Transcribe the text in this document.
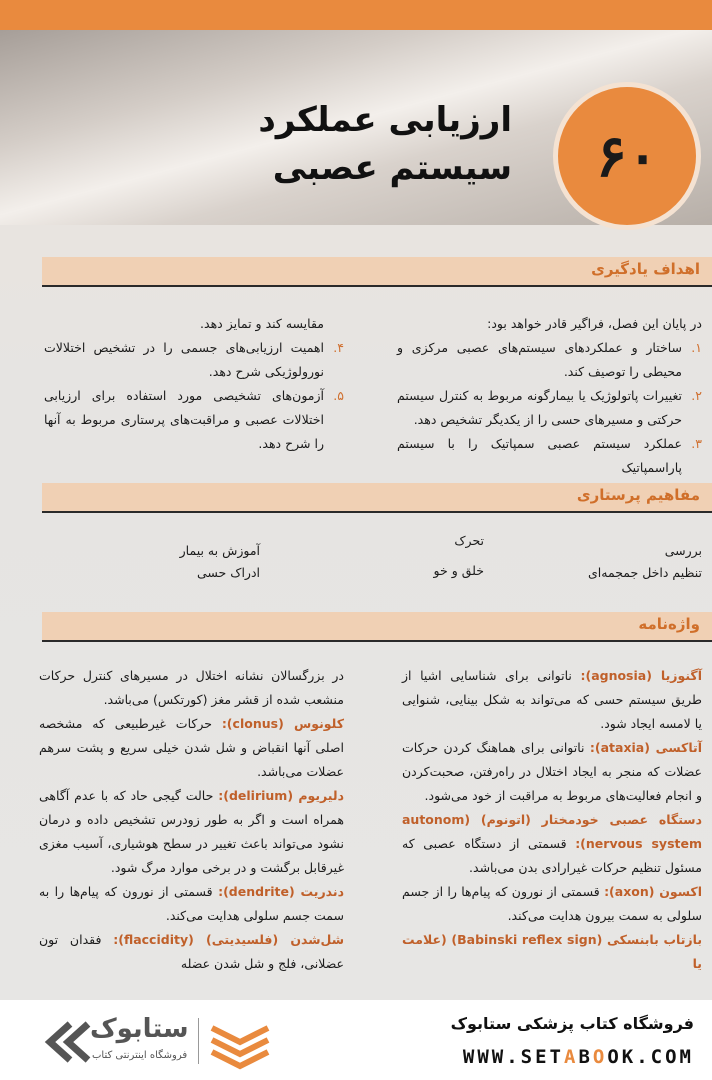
۶۰
ارزیابی عملکرد
سیستم عصبی
اهداف یادگیری

در پایان این فصل، فراگیر قادر خواهد بود:

۱.
ساختار و عملکردهای سیستم‌های عصبی مرکزی و محیطی را توصیف کند.
۲.
تغییرات پاتولوژیک یا بیمارگونه مربوط به کنترل سیستم حرکتی و مسیرهای حسی را از یکدیگر تشخیص دهد.
۳.
عملکرد سیستم عصبی سمپاتیک را با سیستم پاراسمپاتیک
مقایسه کند و تمایز دهد.
۴.
اهمیت ارزیابی‌های جسمی را در تشخیص اختلالات نورولوژیکی شرح دهد.
۵.
آزمون‌های تشخیصی مورد استفاده برای ارزیابی اختلالات عصبی و مراقبت‌های پرستاری مربوط به آنها را شرح دهد.
مفاهیم پرستاری
بررسی
تنظیم داخل جمجمه‌ای
تحرک
خلق و خو
آموزش به بیمار
ادراک حسی
واژه‌نامه

آگنوزیا (agnosia): ناتوانی برای شناسایی اشیا از طریق سیستم حسی که می‌تواند به شکل بینایی، شنوایی یا لامسه ایجاد شود.

آتاکسی (ataxia): ناتوانی برای هماهنگ کردن حرکات عضلات که منجر به ایجاد اختلال در راه‌رفتن، صحبت‌کردن و انجام فعالیت‌های مربوط به مراقبت از خود می‌شود.

دستگاه عصبی خودمختار (اتونوم) (autonom nervous system): قسمتی از دستگاه عصبی که مسئول تنظیم حرکات غیرارادی بدن می‌باشد.

اکسون (axon): قسمتی از نورون که پیام‌ها را از جسم سلولی به سمت بیرون هدایت می‌کند.

بازتاب بابنسکی (Babinski reflex sign) (علامت یا

در بزرگسالان نشانه اختلال در مسیرهای کنترل حرکات منشعب شده از قشر مغز (کورتکس) می‌باشد.

کلونوس (clonus): حرکات غیرطبیعی که مشخصه اصلی آنها انقباض و شل شدن خیلی سریع و پشت سرهم عضلات می‌باشد.

دلیریوم (delirium): حالت گیجی حاد که با عدم آگاهی همراه است و اگر به طور زودرس تشخیص داده و درمان نشود می‌تواند باعث تغییر در سطح هوشیاری، آسیب مغزی غیرقابل برگشت و در برخی موارد مرگ شود.

دندریت (dendrite): قسمتی از نورون که پیام‌ها را به سمت جسم سلولی هدایت می‌کند.

شل‌شدن (فلسیدیتی) (flaccidity): فقدان تون عضلانی، فلج و شل شدن عضله

ستابوک
فروشگاه اینترنتی کتاب
فروشگاه کتاب پزشکی ستابوک
WWW.SETABOOK.COM
